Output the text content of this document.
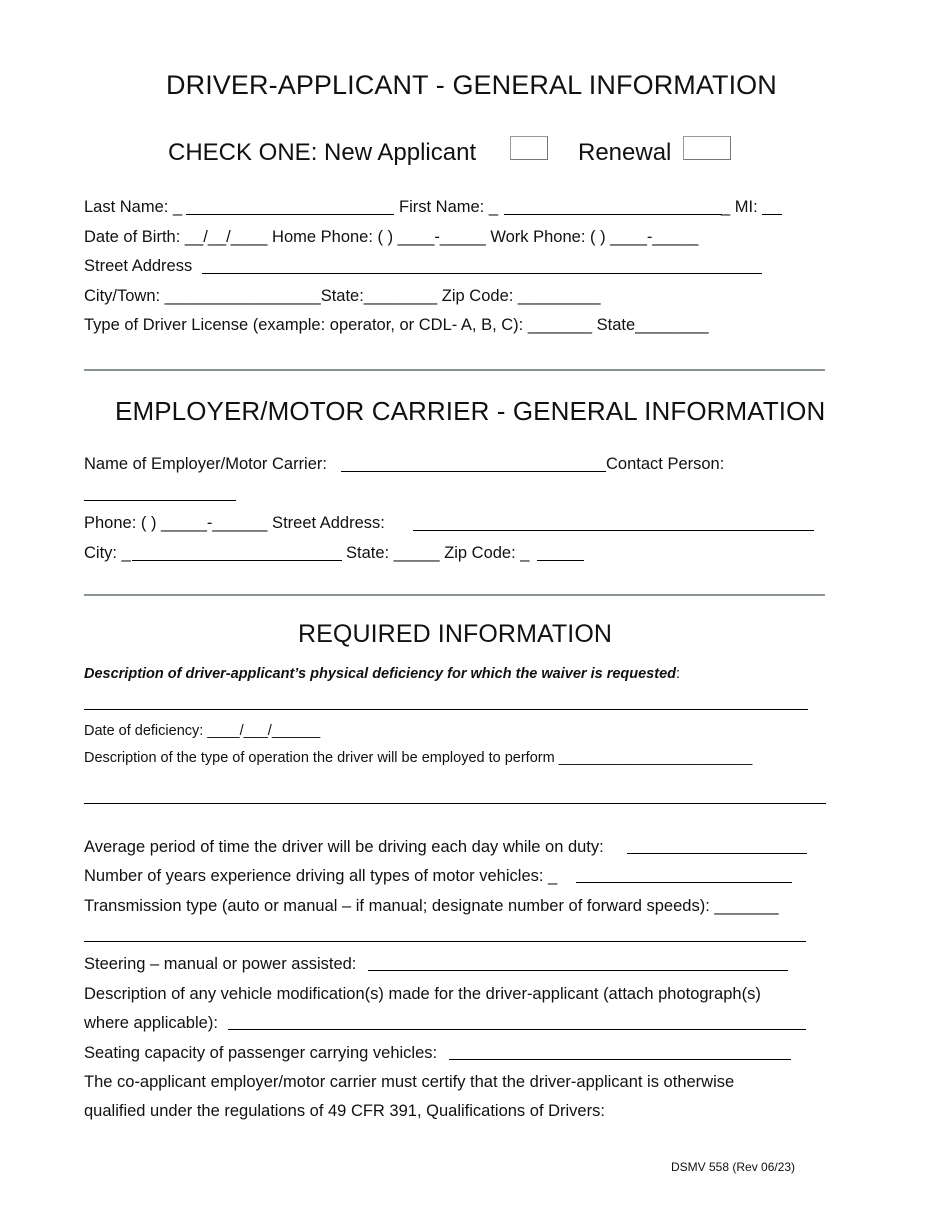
DRIVER-APPLICANT - GENERAL INFORMATION
CHECK ONE: New Applicant	Renewal
Last Name: _	First Name: _	_ MI:
Date of Birth: __/__/____ Home Phone: ( ) ____-_____ Work Phone: ( ) ____-_____
Street Address
City/Town: _________________State:________ Zip Code: _________
Type of Driver License (example: operator, or CDL- A, B, C): _______ State________
EMPLOYER/MOTOR CARRIER - GENERAL INFORMATION
Name of Employer/Motor Carrier:	Contact Person:
Phone: ( ) _____-______ Street Address:
City: _	State: _____ Zip Code: _
REQUIRED INFORMATION
Description of driver-applicant’s physical deficiency for which the waiver is requested:
Date of deficiency: ____/___/______
Description of the type of operation the driver will be employed to perform ________________________
Average period of time the driver will be driving each day while on duty:
Number of years experience driving all types of motor vehicles: _
Transmission type (auto or manual – if manual; designate number of forward speeds): _______
Steering – manual or power assisted:
Description of any vehicle modification(s) made for the driver-applicant (attach photograph(s)
where applicable):
Seating capacity of passenger carrying vehicles:
The co-applicant employer/motor carrier must certify that the driver-applicant is otherwise
qualified under the regulations of 49 CFR 391, Qualifications of Drivers:
DSMV 558 (Rev 06/23)
